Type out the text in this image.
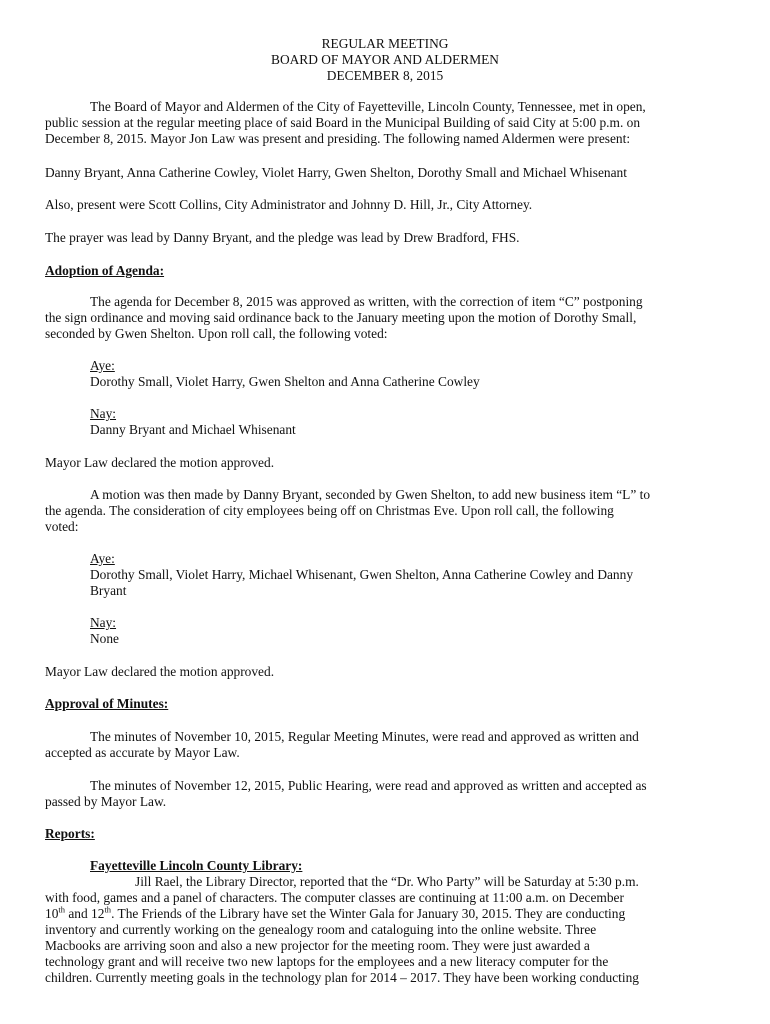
REGULAR MEETING
BOARD OF MAYOR AND ALDERMEN
DECEMBER 8, 2015
The Board of Mayor and Aldermen of the City of Fayetteville, Lincoln County, Tennessee, met in open,
public session at the regular meeting place of said Board in the Municipal Building of said City at 5:00 p.m. on
December 8, 2015. Mayor Jon Law was present and presiding. The following named Aldermen were present:
Danny Bryant, Anna Catherine Cowley, Violet Harry, Gwen Shelton, Dorothy Small and Michael Whisenant
Also, present were Scott Collins, City Administrator and Johnny D. Hill, Jr., City Attorney.
The prayer was lead by Danny Bryant, and the pledge was lead by Drew Bradford, FHS.
Adoption of Agenda:
The agenda for December 8, 2015 was approved as written, with the correction of item “C” postponing
the sign ordinance and moving said ordinance back to the January meeting upon the motion of Dorothy Small,
seconded by Gwen Shelton. Upon roll call, the following voted:
Aye:
Dorothy Small, Violet Harry, Gwen Shelton and Anna Catherine Cowley
Nay:
Danny Bryant and Michael Whisenant
Mayor Law declared the motion approved.
A motion was then made by Danny Bryant, seconded by Gwen Shelton, to add new business item “L” to
the agenda. The consideration of city employees being off on Christmas Eve. Upon roll call, the following
voted:
Aye:
Dorothy Small, Violet Harry, Michael Whisenant, Gwen Shelton, Anna Catherine Cowley and Danny
Bryant
Nay:
None
Mayor Law declared the motion approved.
Approval of Minutes:
The minutes of November 10, 2015, Regular Meeting Minutes, were read and approved as written and
accepted as accurate by Mayor Law.
The minutes of November 12, 2015, Public Hearing, were read and approved as written and accepted as
passed by Mayor Law.
Reports:
Fayetteville Lincoln County Library:
Jill Rael, the Library Director, reported that the “Dr. Who Party” will be Saturday at 5:30 p.m.
with food, games and a panel of characters. The computer classes are continuing at 11:00 a.m. on December
10th and 12th. The Friends of the Library have set the Winter Gala for January 30, 2015. They are conducting
inventory and currently working on the genealogy room and cataloguing into the online website. Three
Macbooks are arriving soon and also a new projector for the meeting room. They were just awarded a
technology grant and will receive two new laptops for the employees and a new literacy computer for the
children. Currently meeting goals in the technology plan for 2014 – 2017. They have been working conducting
